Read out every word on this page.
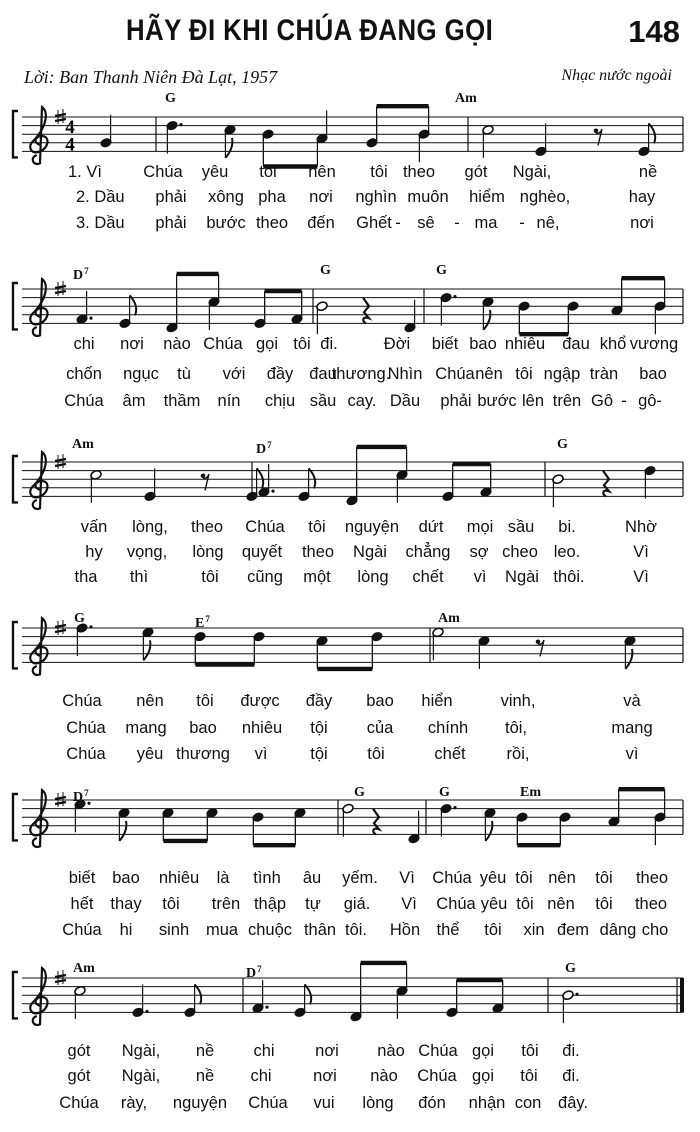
HÃY ĐI KHI CHÚA ĐANG GỌI	148
Lời: Ban Thanh Niên Đà Lạt, 1957	Nhạc nước ngoài
4
4
G	Am
1. Vì	Chúa yêu tôi nên tôi theo gót Ngài,	nề
2. Dầu phải xông pha nơi nghìn muôn hiểm nghèo,	hay
3. Dầu phải bước theo đến Ghết - sê - ma - nê,	nơi
$D^7$	G	G
chi nơi nào Chúa gọi tôi đi.	Đời biết bao nhiêu đau khổ vương
chốn ngục tù với đầy đau
thương.
Nhìn Chúa nên tôi ngập tràn bao
Chúa âm thầm nín chịu sầu cay. Dầu phải bước lên trên Gô - gô-
Am	$D^7$	G
vấn lòng, theo Chúa tôi nguyện dứt mọi sầu bi.	Nhờ
hy vọng, lòng quyết theo Ngài chẳng sợ cheo leo.	Vì
tha thì	tôi cũng một lòng chết vì Ngài thôi.	Vì
G	$E^7$	Am
Chúa nên tôi được đầy bao hiển	vinh,	và
Chúa mang bao nhiêu tội của chính tôi,	mang
Chúa yêu thương vì	tội tôi	chết rồi,	vì
$D^7$	G	G	Em
biết bao nhiêu là tình âu yếm. Vì Chúa yêu tôi nên tôi theo
hết thay tôi trên thập tự giá. Vì Chúa yêu tôi nên tôi theo
Chúa hi sinh mua chuộc thân tôi. Hồn thể tôi xin đem dâng cho
Am	$D^7$	G
gót Ngài, nề chi nơi nào Chúa gọi tôi đi.
gót Ngài, nề chi	nơi nào Chúa gọi tôi đi.
Chúa rày, nguyện Chúa vui lòng đón nhận con đây.
